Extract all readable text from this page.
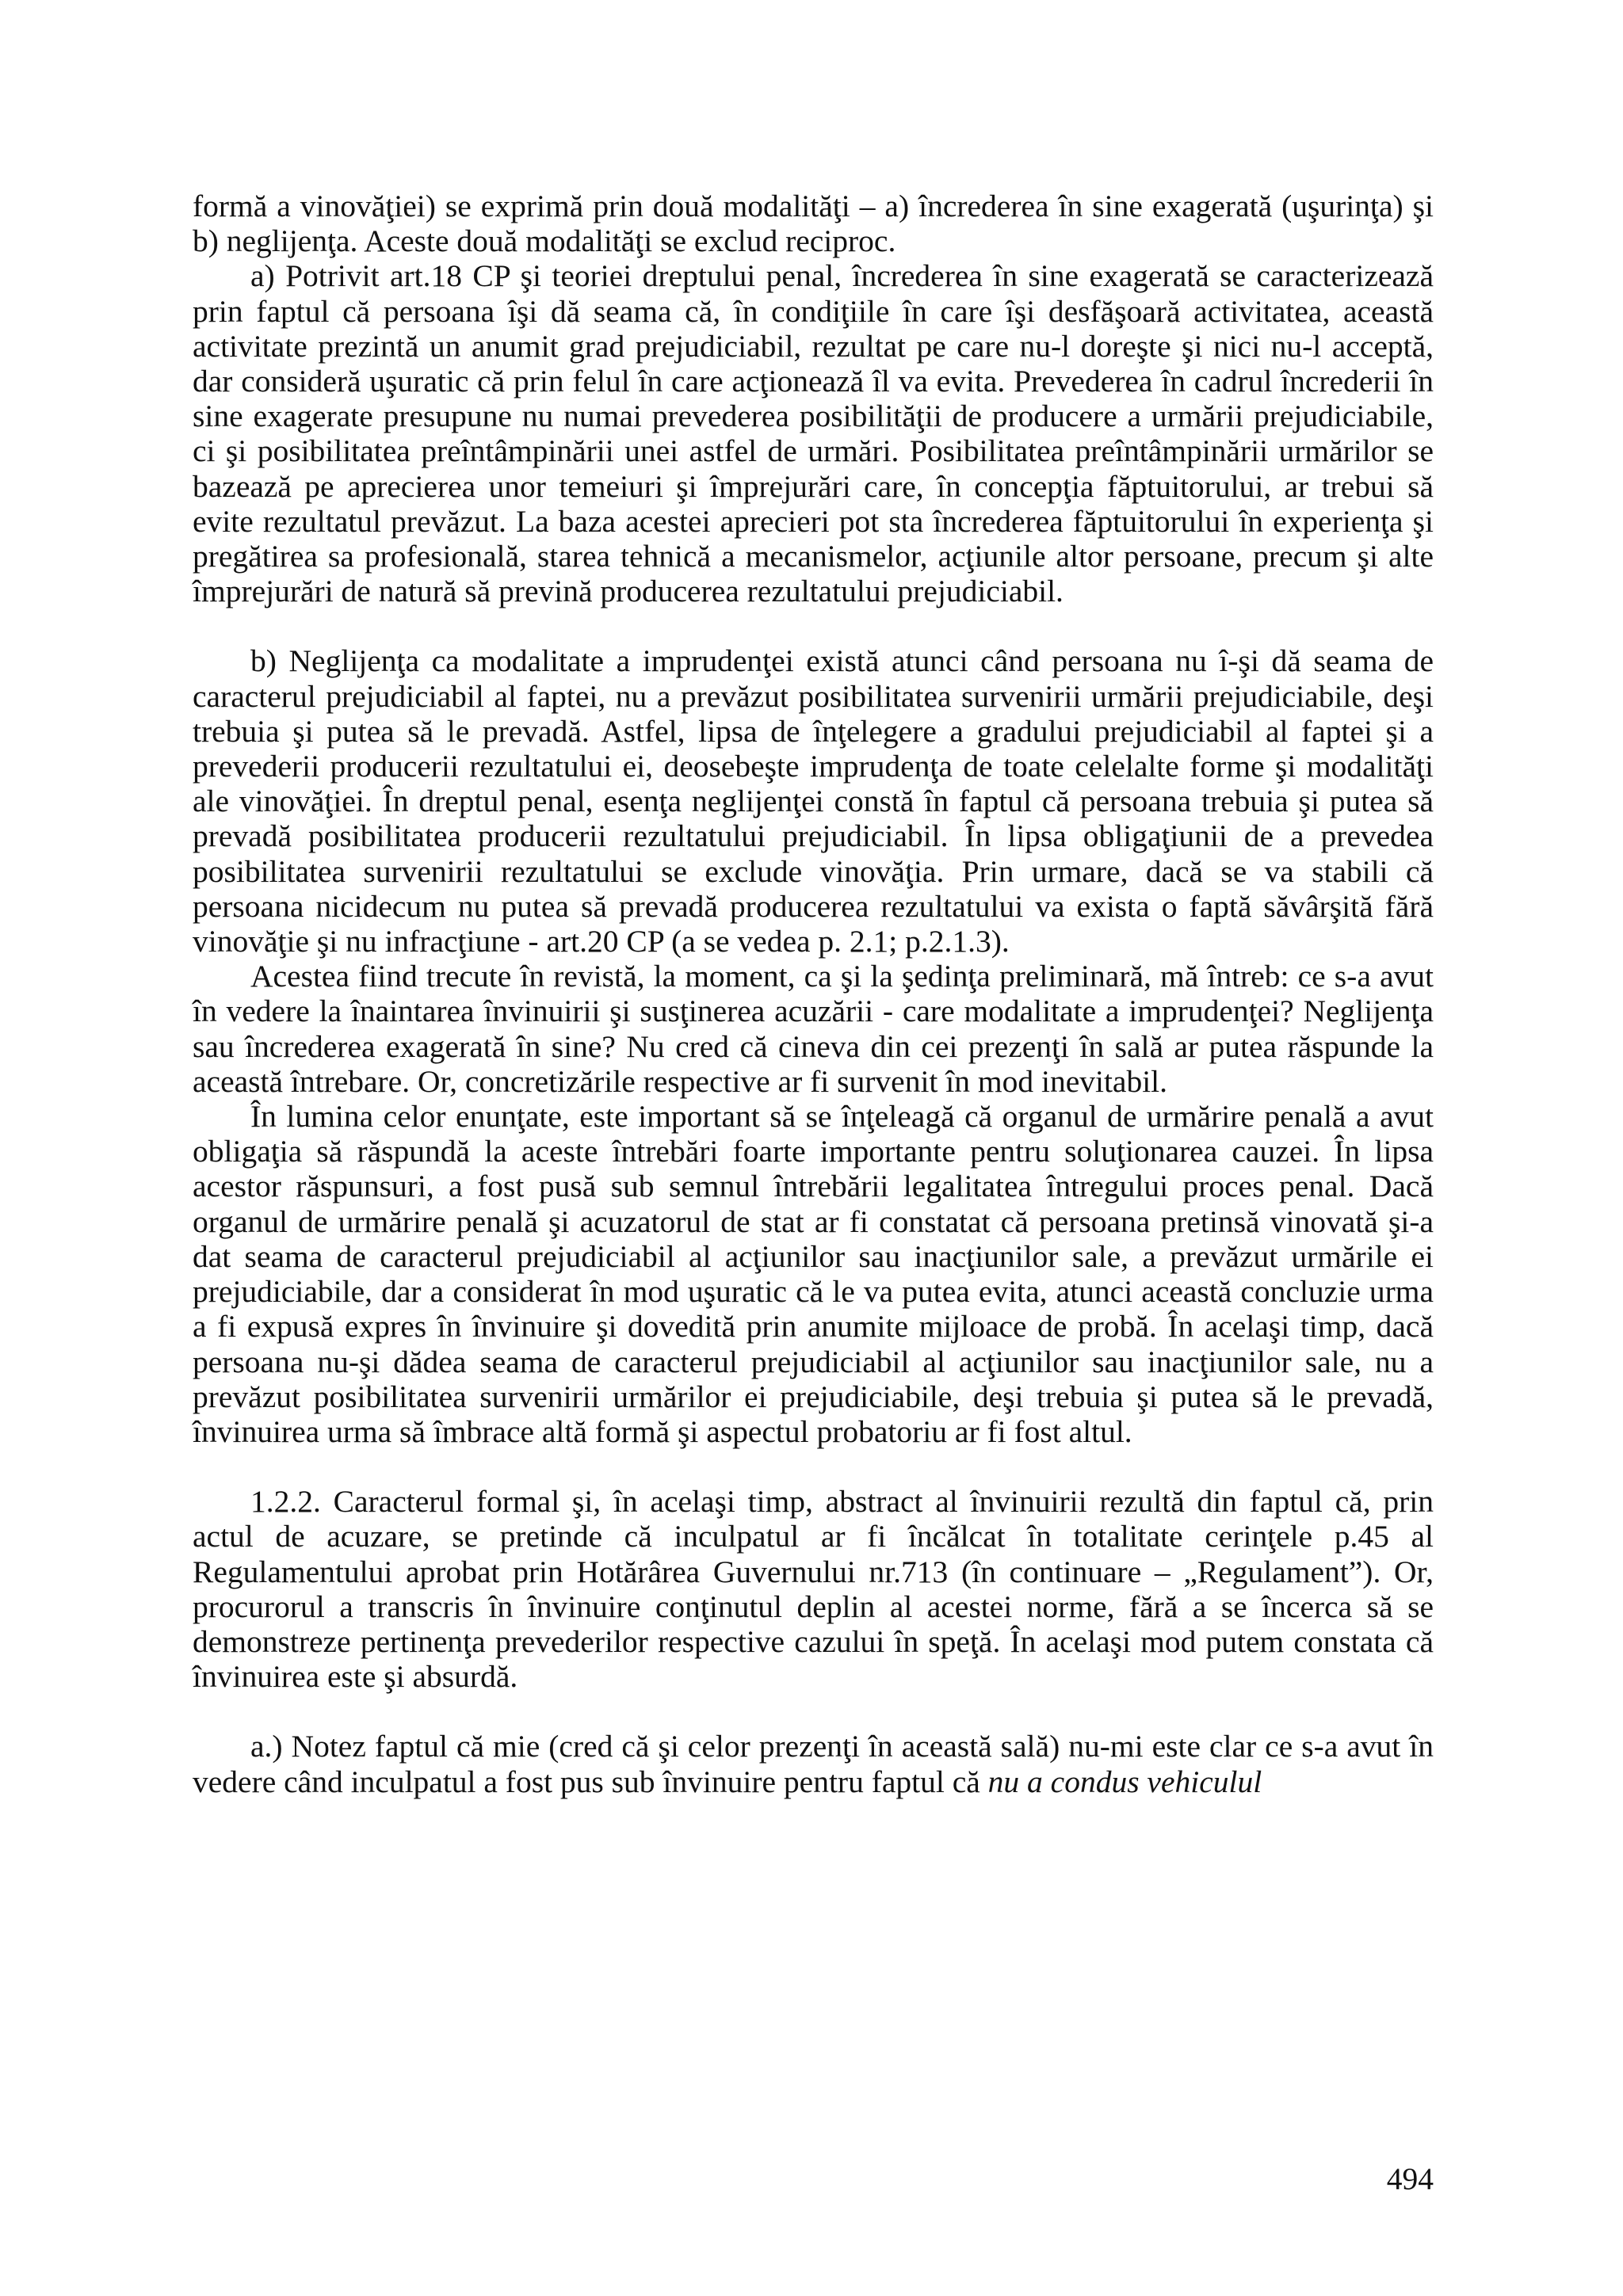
formă a vinovăţiei) se exprimă prin două modalităţi – a) încrederea în sine exagerată (uşurinţa) şi b) neglijenţa. Aceste două modalităţi se exclud reciproc.

a) Potrivit art.18 CP şi teoriei dreptului penal, încrederea în sine exagerată se caracterizează prin faptul că persoana îşi dă seama că, în condiţiile în care îşi desfăşoară activitatea, această activitate prezintă un anumit grad prejudiciabil, rezultat pe care nu-l doreşte şi nici nu-l acceptă, dar consideră uşuratic că prin felul în care acţionează îl va evita. Prevederea în cadrul încrederii în sine exagerate presupune nu numai prevederea posibilităţii de producere a urmării prejudiciabile, ci şi posibilitatea preîntâmpinării unei astfel de urmări. Posibilitatea preîntâmpinării urmărilor se bazează pe aprecierea unor temeiuri şi împrejurări care, în concepţia făptuitorului, ar trebui să evite rezultatul prevăzut. La baza acestei aprecieri pot sta încrederea făptuitorului în experienţa şi pregătirea sa profesională, starea tehnică a mecanismelor, acţiunile altor persoane, precum şi alte împrejurări de natură să prevină producerea rezultatului prejudiciabil.

b) Neglijenţa ca modalitate a imprudenţei există atunci când persoana nu î-şi dă seama de caracterul prejudiciabil al faptei, nu a prevăzut posibilitatea survenirii urmării prejudiciabile, deşi trebuia şi putea să le prevadă. Astfel, lipsa de înţelegere a gradului prejudiciabil al faptei şi a prevederii producerii rezultatului ei, deosebeşte imprudenţa de toate celelalte forme şi modalităţi ale vinovăţiei. În dreptul penal, esenţa neglijenţei constă în faptul că persoana trebuia şi putea să prevadă posibilitatea producerii rezultatului prejudiciabil. În lipsa obligaţiunii de a prevedea posibilitatea survenirii rezultatului se exclude vinovăţia. Prin urmare, dacă se va stabili că persoana nicidecum nu putea să prevadă producerea rezultatului va exista o faptă săvârşită fără vinovăţie şi nu infracţiune - art.20 CP (a se vedea p. 2.1; p.2.1.3).

Acestea fiind trecute în revistă, la moment, ca şi la şedinţa preliminară, mă întreb: ce s-a avut în vedere la înaintarea învinuirii şi susţinerea acuzării - care modalitate a imprudenţei? Neglijenţa sau încrederea exagerată în sine? Nu cred că cineva din cei prezenţi în sală ar putea răspunde la această întrebare. Or, concretizările respective ar fi survenit în mod inevitabil.

În lumina celor enunţate, este important să se înţeleagă că organul de urmărire penală a avut obligaţia să răspundă la aceste întrebări foarte importante pentru soluţionarea cauzei. În lipsa acestor răspunsuri, a fost pusă sub semnul întrebării legalitatea întregului proces penal. Dacă organul de urmărire penală şi acuzatorul de stat ar fi constatat că persoana pretinsă vinovată şi-a dat seama de caracterul prejudiciabil al acţiunilor sau inacţiunilor sale, a prevăzut urmările ei prejudiciabile, dar a considerat în mod uşuratic că le va putea evita, atunci această concluzie urma a fi expusă expres în învinuire şi dovedită prin anumite mijloace de probă. În acelaşi timp, dacă persoana nu-şi dădea seama de caracterul prejudiciabil al acţiunilor sau inacţiunilor sale, nu a prevăzut posibilitatea survenirii urmărilor ei prejudiciabile, deşi trebuia şi putea să le prevadă, învinuirea urma să îmbrace altă formă şi aspectul probatoriu ar fi fost altul.

1.2.2. Caracterul formal şi, în acelaşi timp, abstract al învinuirii rezultă din faptul că, prin actul de acuzare, se pretinde că inculpatul ar fi încălcat în totalitate cerinţele p.45 al Regulamentului aprobat prin Hotărârea Guvernului nr.713 (în continuare – „Regulament”). Or, procurorul a transcris în învinuire conţinutul deplin al acestei norme, fără a se încerca să se demonstreze pertinenţa prevederilor respective cazului în speţă. În acelaşi mod putem constata că învinuirea este şi absurdă.

a.) Notez faptul că mie (cred că şi celor prezenţi în această sală) nu-mi este clar ce s-a avut în vedere când inculpatul a fost pus sub învinuire pentru faptul că nu a condus vehiculul

494
